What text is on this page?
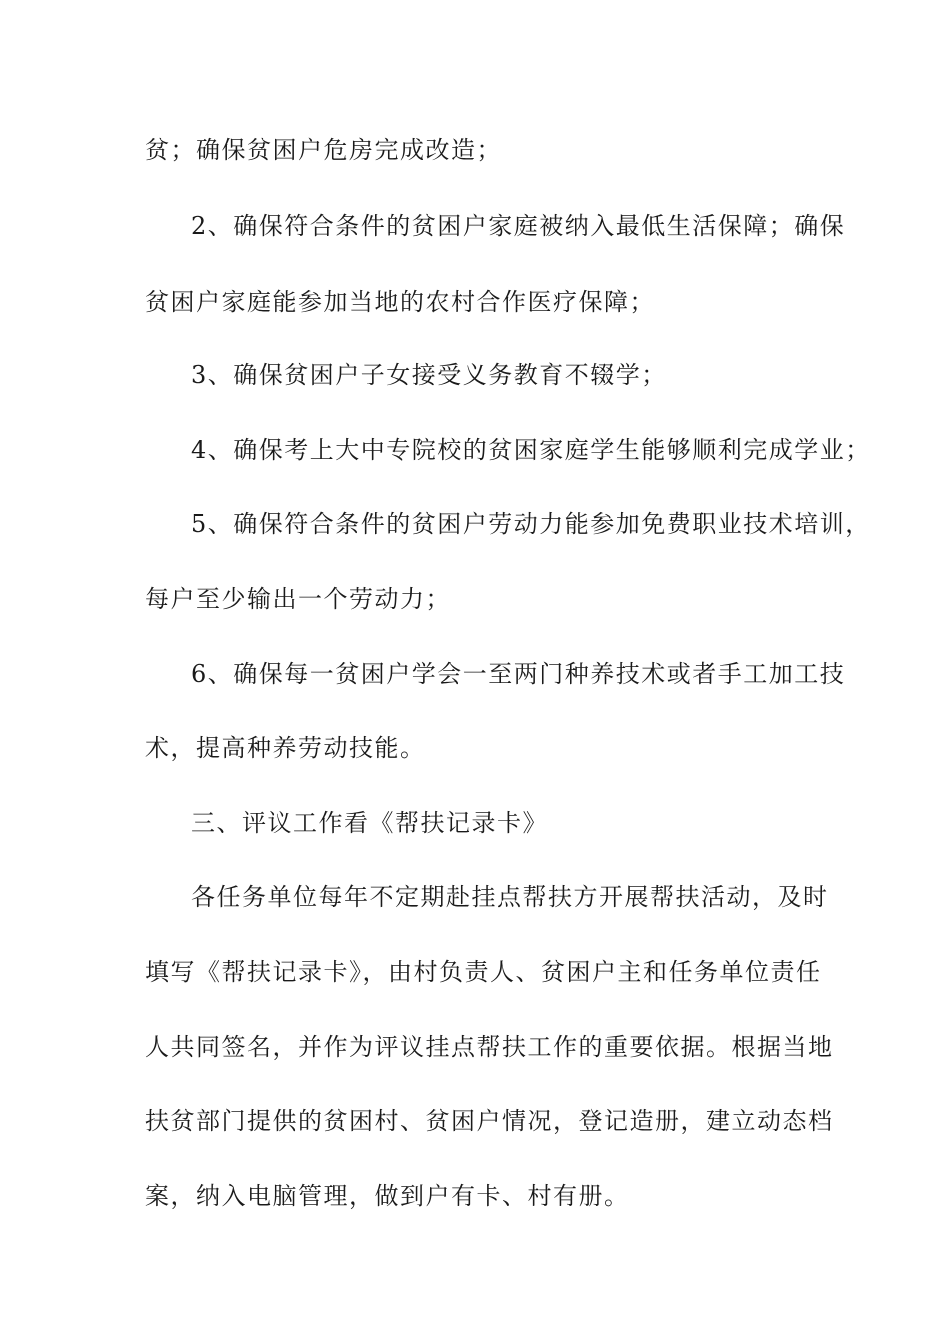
贫；确保贫困户危房完成改造；
2、确保符合条件的贫困户家庭被纳入最低生活保障；确保
贫困户家庭能参加当地的农村合作医疗保障；
3、确保贫困户子女接受义务教育不辍学；
4、确保考上大中专院校的贫困家庭学生能够顺利完成学业；
5、确保符合条件的贫困户劳动力能参加免费职业技术培训，
每户至少输出一个劳动力；
6、确保每一贫困户学会一至两门种养技术或者手工加工技
术，提高种养劳动技能。
三、评议工作看《帮扶记录卡》
各任务单位每年不定期赴挂点帮扶方开展帮扶活动，及时
填写《帮扶记录卡》，由村负责人、贫困户主和任务单位责任
人共同签名，并作为评议挂点帮扶工作的重要依据。根据当地
扶贫部门提供的贫困村、贫困户情况，登记造册，建立动态档
案，纳入电脑管理，做到户有卡、村有册。
